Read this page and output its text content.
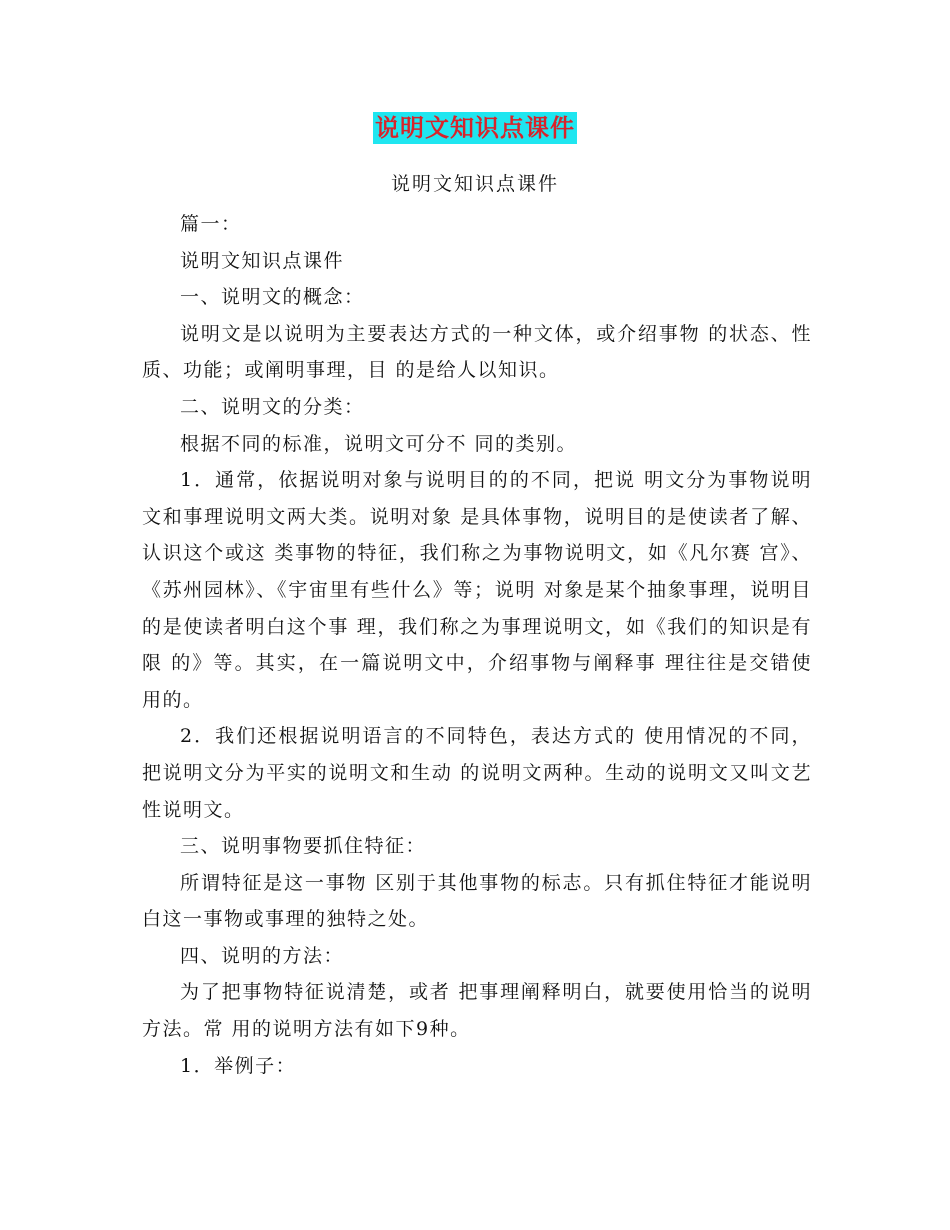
说明文知识点课件
说明文知识点课件

篇一：

说明文知识点课件

一、说明文的概念：

说明文是以说明为主要表达方式的一种文体，或介绍事物 的状态、性质、功能；或阐明事理，目 的是给人以知识。

二、说明文的分类：

根据不同的标准，说明文可分不 同的类别。

1．通常，依据说明对象与说明目的的不同，把说 明文分为事物说明文和事理说明文两大类。说明对象 是具体事物，说明目的是使读者了解、认识这个或这 类事物的特征，我们称之为事物说明文，如《凡尔赛 宫》、《苏州园林》、《宇宙里有些什么》等；说明 对象是某个抽象事理，说明目的是使读者明白这个事 理，我们称之为事理说明文，如《我们的知识是有限 的》等。其实，在一篇说明文中，介绍事物与阐释事 理往往是交错使用的。

2．我们还根据说明语言的不同特色，表达方式的 使用情况的不同，把说明文分为平实的说明文和生动 的说明文两种。生动的说明文又叫文艺性说明文。

三、说明事物要抓住特征：

所谓特征是这一事物 区别于其他事物的标志。只有抓住特征才能说明 白这一事物或事理的独特之处。

四、说明的方法：

为了把事物特征说清楚，或者 把事理阐释明白，就要使用恰当的说明方法。常 用的说明方法有如下9种。

1．举例子：
